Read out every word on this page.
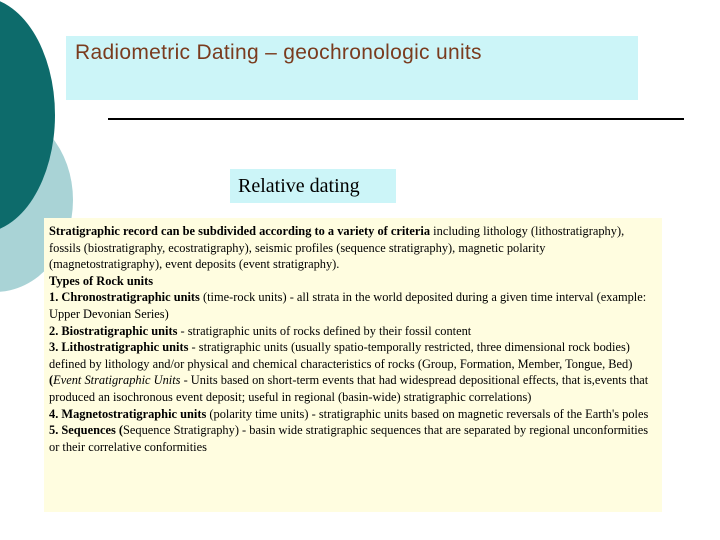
Radiometric Dating – geochronologic units
Relative dating

Stratigraphic record can be subdivided according to a variety of criteria including lithology (lithostratigraphy), fossils (biostratigraphy, ecostratigraphy), seismic profiles (sequence stratigraphy), magnetic polarity (magnetostratigraphy), event deposits (event stratigraphy).

Types of Rock units

1. Chronostratigraphic units (time-rock units) - all strata in the world deposited during a given time interval (example: Upper Devonian Series)

2. Biostratigraphic units - stratigraphic units of rocks defined by their fossil content

3. Lithostratigraphic units - stratigraphic units (usually spatio-temporally restricted, three dimensional rock bodies) defined by lithology and/or physical and chemical characteristics of rocks (Group, Formation, Member, Tongue, Bed)

(Event Stratigraphic Units - Units based on short-term events that had widespread depositional effects, that is,events that produced an isochronous event deposit; useful in regional (basin-wide) stratigraphic correlations)

4. Magnetostratigraphic units (polarity time units) - stratigraphic units based on magnetic reversals of the Earth's poles

5. Sequences (Sequence Stratigraphy) - basin wide stratigraphic sequences that are separated by regional unconformities or their correlative conformities
